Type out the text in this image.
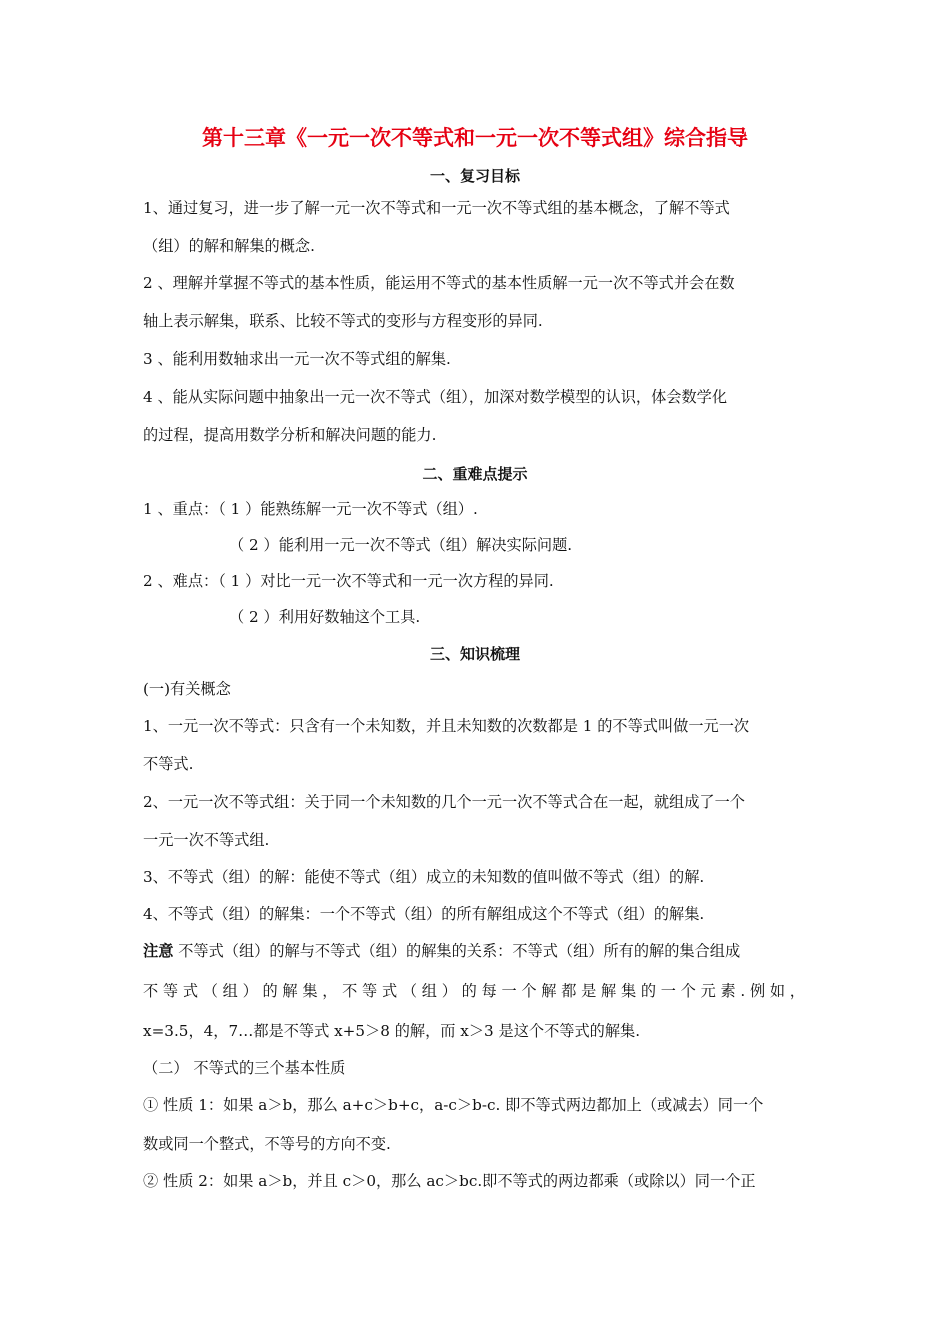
第十三章《一元一次不等式和一元一次不等式组》综合指导
一、复习目标
1、通过复习，进一步了解一元一次不等式和一元一次不等式组的基本概念，了解不等式
（组）的解和解集的概念.
2 、理解并掌握不等式的基本性质，能运用不等式的基本性质解一元一次不等式并会在数
轴上表示解集，联系、比较不等式的变形与方程变形的异同.
3 、能利用数轴求出一元一次不等式组的解集.
4 、能从实际问题中抽象出一元一次不等式（组），加深对数学模型的认识，体会数学化
的过程，提高用数学分析和解决问题的能力.
二、重难点提示
1 、重点：（ 1 ）能熟练解一元一次不等式（组）.
（ 2 ）能利用一元一次不等式（组）解决实际问题.
2 、难点：（ 1 ）对比一元一次不等式和一元一次方程的异同.
（ 2 ）利用好数轴这个工具.
三、知识梳理
(一)有关概念
1、一元一次不等式：只含有一个未知数，并且未知数的次数都是 1 的不等式叫做一元一次
不等式.
2、一元一次不等式组：关于同一个未知数的几个一元一次不等式合在一起，就组成了一个
一元一次不等式组.
3、不等式（组）的解：能使不等式（组）成立的未知数的值叫做不等式（组）的解.
4、不等式（组）的解集：一个不等式（组）的所有解组成这个不等式（组）的解集.
注意 不等式（组）的解与不等式（组）的解集的关系：不等式（组）所有的解的集合组成
不等式（组）的解集，不等式（组）的每一个解都是解集的一个元素.例如，
x=3.5，4，7…都是不等式 x+5＞8 的解，而 x＞3 是这个不等式的解集.
（二） 不等式的三个基本性质
① 性质 1：如果 a＞b，那么 a+c＞b+c，a-c＞b-c. 即不等式两边都加上（或减去）同一个
数或同一个整式，不等号的方向不变.
② 性质 2：如果 a＞b，并且 c＞0，那么 ac＞bc.即不等式的两边都乘（或除以）同一个正
